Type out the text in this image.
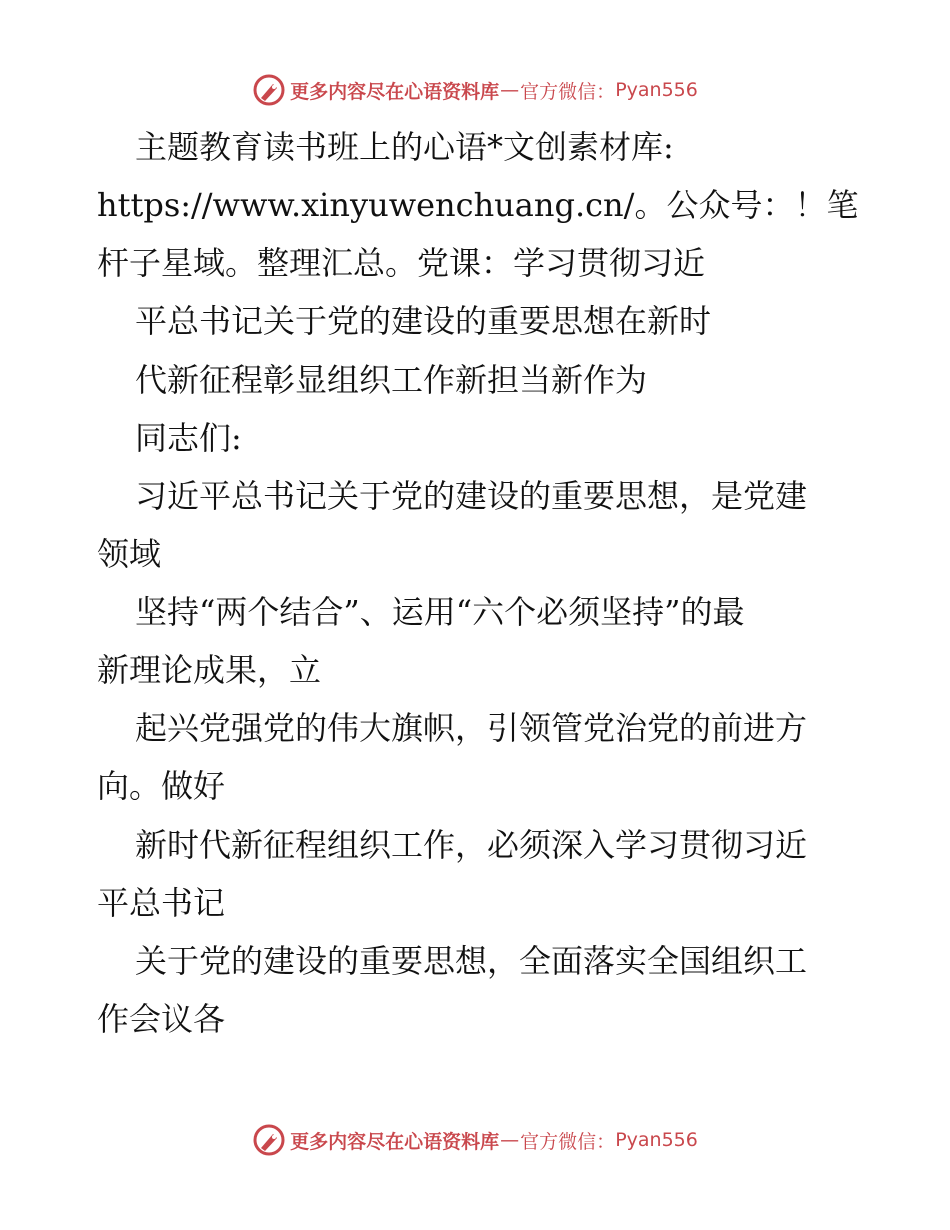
更多内容尽在心语资料库 — 官方微信： Pyan556
主题教育读书班上的心语*文创素材库:
https://www.xinyuwenchuang.cn/。公众号：！笔
杆子星域。整理汇总。党课：学习贯彻习近
平总书记关于党的建设的重要思想在新时
代新征程彰显组织工作新担当新作为
同志们:
习近平总书记关于党的建设的重要思想，是党建
领域
坚持“两个结合”、运用“六个必须坚持”的最
新理论成果，立
起兴党强党的伟大旗帜，引领管党治党的前进方
向。做好
新时代新征程组织工作，必须深入学习贯彻习近
平总书记
关于党的建设的重要思想，全面落实全国组织工
作会议各
更多内容尽在心语资料库 — 官方微信： Pyan556
